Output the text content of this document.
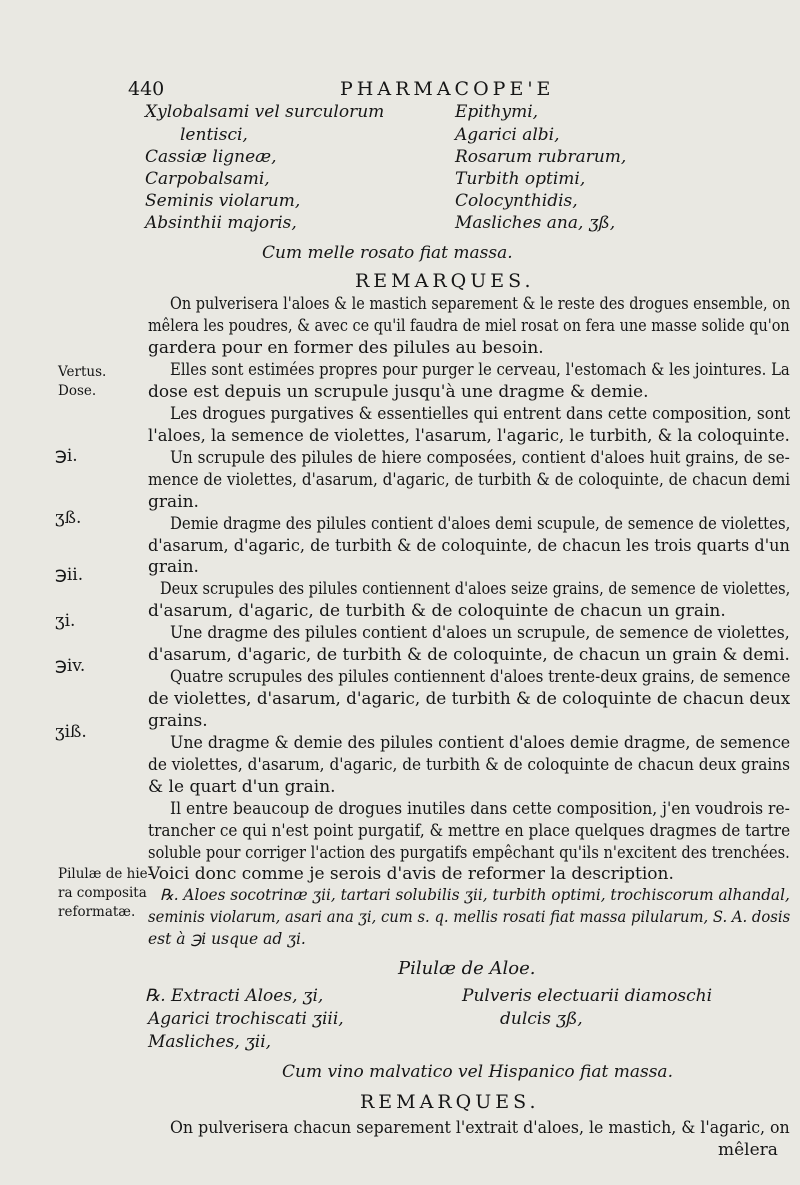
440	PHARMACOPE'E
Xylobalsami vel surculorum
lentisci,
Cassiæ ligneæ,
Carpobalsami,
Seminis violarum,
Absinthii majoris,
Epithymi,
Agarici albi,
Rosarum rubrarum,
Turbith optimi,
Colocynthidis,
Masliches ana, ʒß,
Cum melle rosato fiat massa.
REMARQUES.
Vertus.
Dose.
℈i.
ʒß.
℈ii.
ʒi.
℈iv.
ʒiß.
Pilulæ de hie-
ra composita
reformatæ.
On pulverisera l'aloes & le mastich separement & le reste des drogues ensemble, on
mêlera les poudres, & avec ce qu'il faudra de miel rosat on fera une masse solide qu'on
gardera pour en former des pilules au besoin.
Elles sont estimées propres pour purger le cerveau, l'estomach & les jointures. La
dose est depuis un scrupule jusqu'à une dragme & demie.
Les drogues purgatives & essentielles qui entrent dans cette composition, sont
l'aloes, la semence de violettes, l'asarum, l'agaric, le turbith, & la coloquinte.
Un scrupule des pilules de hiere composées, contient d'aloes huit grains, de se-
mence de violettes, d'asarum, d'agaric, de turbith & de coloquinte, de chacun demi
grain.
Demie dragme des pilules contient d'aloes demi scupule, de semence de violettes,
d'asarum, d'agaric, de turbith & de coloquinte, de chacun les trois quarts d'un
grain.
Deux scrupules des pilules contiennent d'aloes seize grains, de semence de violettes,
d'asarum, d'agaric, de turbith & de coloquinte de chacun un grain.
Une dragme des pilules contient d'aloes un scrupule, de semence de violettes,
d'asarum, d'agaric, de turbith & de coloquinte, de chacun un grain & demi.
Quatre scrupules des pilules contiennent d'aloes trente-deux grains, de semence
de violettes, d'asarum, d'agaric, de turbith & de coloquinte de chacun deux
grains.
Une dragme & demie des pilules contient d'aloes demie dragme, de semence
de violettes, d'asarum, d'agaric, de turbith & de coloquinte de chacun deux grains
& le quart d'un grain.
Il entre beaucoup de drogues inutiles dans cette composition, j'en voudrois re-
trancher ce qui n'est point purgatif, & mettre en place quelques dragmes de tartre
soluble pour corriger l'action des purgatifs empêchant qu'ils n'excitent des trenchées.
Voici donc comme je serois d'avis de reformer la description.
℞. Aloes socotrinæ ʒii, tartari solubilis ʒii, turbith optimi, trochiscorum alhandal,
seminis violarum, asari ana ʒi, cum s. q. mellis rosati fiat massa pilularum, S. A. dosis
est à ℈i usque ad ʒi.
Pilulæ de Aloe.
℞. Extracti Aloes, ʒi,
Agarici trochiscati ʒiii,
Masliches, ʒii,
Pulveris electuarii diamoschi
dulcis ʒß,
Cum vino malvatico vel Hispanico fiat massa.
REMARQUES.
On pulverisera chacun separement l'extrait d'aloes, le mastich, & l'agaric, on
mêlera
